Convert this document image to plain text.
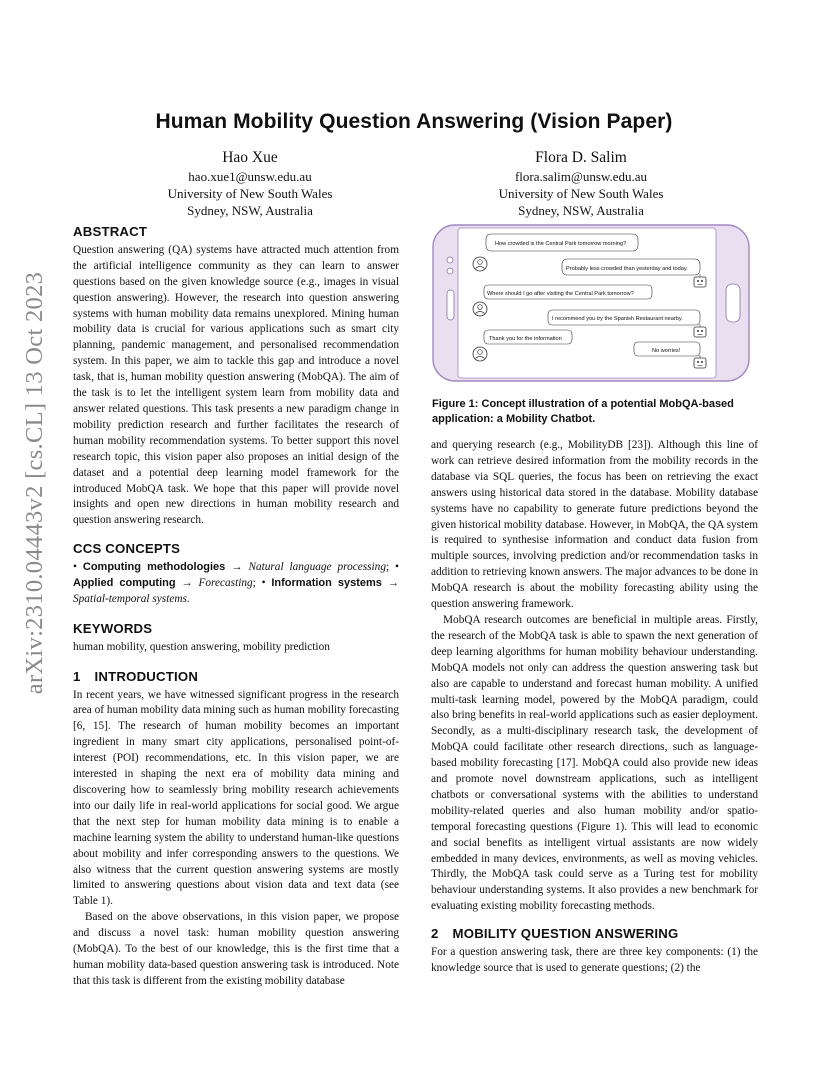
arXiv:2310.04443v2 [cs.CL] 13 Oct 2023
Human Mobility Question Answering (Vision Paper)
Hao Xue
hao.xue1@unsw.edu.au
University of New South Wales
Sydney, NSW, Australia
Flora D. Salim
flora.salim@unsw.edu.au
University of New South Wales
Sydney, NSW, Australia
ABSTRACT

Question answering (QA) systems have attracted much attention from the artificial intelligence community as they can learn to answer questions based on the given knowledge source (e.g., images in visual question answering). However, the research into question answering systems with human mobility data remains unexplored. Mining human mobility data is crucial for various applications such as smart city planning, pandemic management, and personalised recommendation system. In this paper, we aim to tackle this gap and introduce a novel task, that is, human mobility question answering (MobQA). The aim of the task is to let the intelligent system learn from mobility data and answer related questions. This task presents a new paradigm change in mobility prediction research and further facilitates the research of human mobility recommendation systems. To better support this novel research topic, this vision paper also proposes an initial design of the dataset and a potential deep learning model framework for the introduced MobQA task. We hope that this paper will provide novel insights and open new directions in human mobility research and question answering research.

CCS CONCEPTS

• Computing methodologies → Natural language processing; • Applied computing → Forecasting; • Information systems → Spatial-temporal systems.

KEYWORDS

human mobility, question answering, mobility prediction

1 INTRODUCTION

In recent years, we have witnessed significant progress in the research area of human mobility data mining such as human mobility forecasting [6, 15]. The research of human mobility becomes an important ingredient in many smart city applications, personalised point-of-interest (POI) recommendations, etc. In this vision paper, we are interested in shaping the next era of mobility data mining and discovering how to seamlessly bring mobility research achievements into our daily life in real-world applications for social good. We argue that the next step for human mobility data mining is to enable a machine learning system the ability to understand human-like questions about mobility and infer corresponding answers to the questions. We also witness that the current question answering systems are mostly limited to answering questions about vision data and text data (see Table 1).

Based on the above observations, in this vision paper, we propose and discuss a novel task: human mobility question answering (MobQA). To the best of our knowledge, this is the first time that a human mobility data-based question answering task is introduced. Note that this task is different from the existing mobility database

How crowded is the Central Park tomorrow morning?
Probably less crowded than yesterday and today.
Where should I go after visiting the Central Park tomorrow?
I recommend you try the Spanish Restaurant nearby.
Thank you for the information
No worries!
Figure 1: Concept illustration of a potential MobQA-based application: a Mobility Chatbot.

and querying research (e.g., MobilityDB [23]). Although this line of work can retrieve desired information from the mobility records in the database via SQL queries, the focus has been on retrieving the exact answers using historical data stored in the database. Mobility database systems have no capability to generate future predictions beyond the given historical mobility database. However, in MobQA, the QA system is required to synthesise information and conduct data fusion from multiple sources, involving prediction and/or recommendation tasks in addition to retrieving known answers. The major advances to be done in MobQA research is about the mobility forecasting ability using the question answering framework.

MobQA research outcomes are beneficial in multiple areas. Firstly, the research of the MobQA task is able to spawn the next generation of deep learning algorithms for human mobility behaviour understanding. MobQA models not only can address the question answering task but also are capable to understand and forecast human mobility. A unified multi-task learning model, powered by the MobQA paradigm, could also bring benefits in real-world applications such as easier deployment. Secondly, as a multi-disciplinary research task, the development of MobQA could facilitate other research directions, such as language-based mobility forecasting [17]. MobQA could also provide new ideas and promote novel downstream applications, such as intelligent chatbots or conversational systems with the abilities to understand mobility-related queries and also human mobility and/or spatio-temporal forecasting questions (Figure 1). This will lead to economic and social benefits as intelligent virtual assistants are now widely embedded in many devices, environments, as well as moving vehicles. Thirdly, the MobQA task could serve as a Turing test for mobility behaviour understanding systems. It also provides a new benchmark for evaluating existing mobility forecasting methods.

2 MOBILITY QUESTION ANSWERING

For a question answering task, there are three key components: (1) the knowledge source that is used to generate questions; (2) the
